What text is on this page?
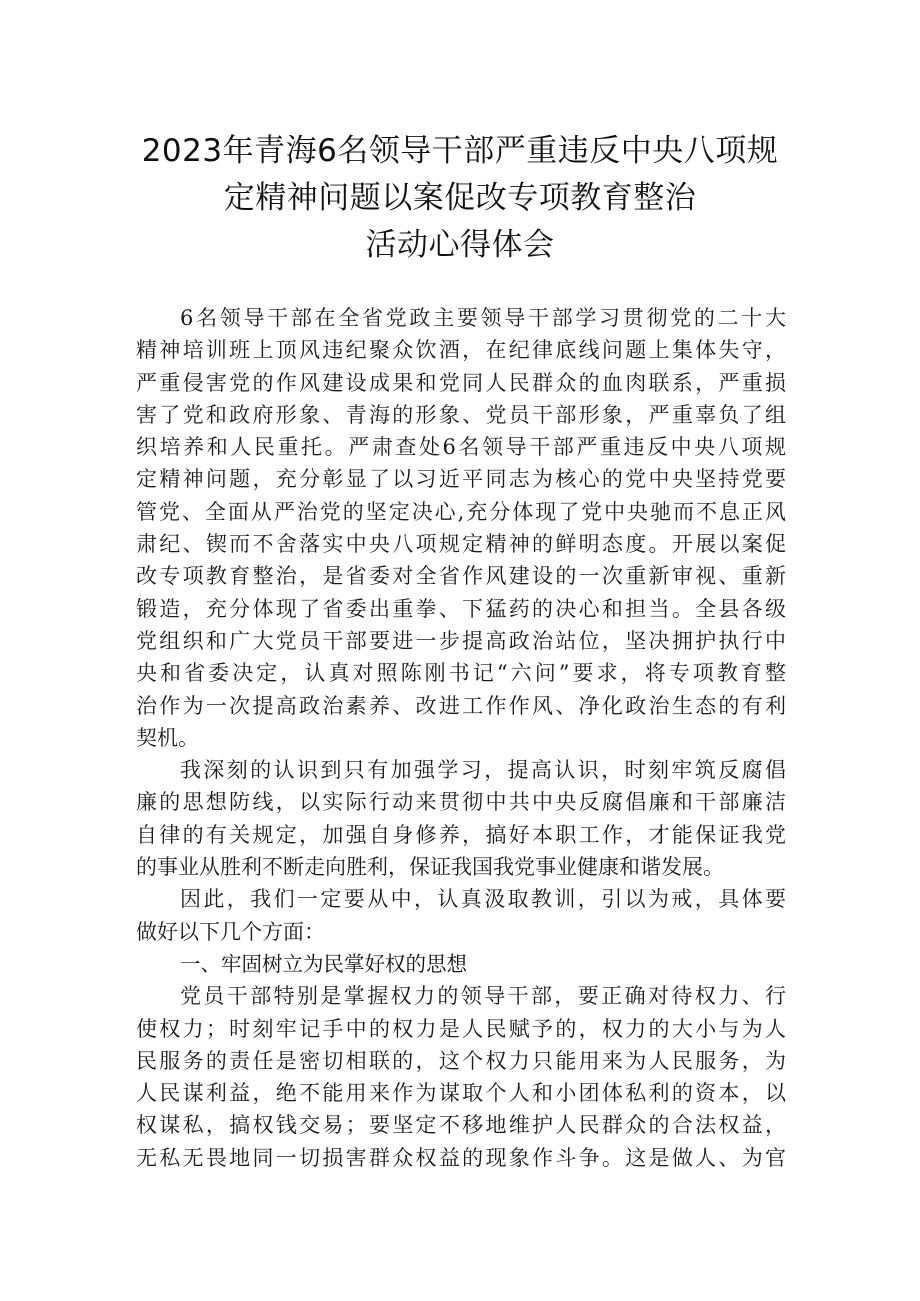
2023年青海6名领导干部严重违反中央八项规
定精神问题以案促改专项教育整治
活动心得体会
6名领导干部在全省党政主要领导干部学习贯彻党的二十大
精神培训班上顶风违纪聚众饮酒，在纪律底线问题上集体失守，
严重侵害党的作风建设成果和党同人民群众的血肉联系，严重损
害了党和政府形象、青海的形象、党员干部形象，严重辜负了组
织培养和人民重托。严肃查处6名领导干部严重违反中央八项规
定精神问题，充分彰显了以习近平同志为核心的党中央坚持党要
管党、全面从严治党的坚定决心,充分体现了党中央驰而不息正风
肃纪、锲而不舍落实中央八项规定精神的鲜明态度。开展以案促
改专项教育整治，是省委对全省作风建设的一次重新审视、重新
锻造，充分体现了省委出重拳、下猛药的决心和担当。全县各级
党组织和广大党员干部要进一步提高政治站位，坚决拥护执行中
央和省委决定，认真对照陈刚书记“六问”要求，将专项教育整
治作为一次提高政治素养、改进工作作风、净化政治生态的有利
契机。
我深刻的认识到只有加强学习，提高认识，时刻牢筑反腐倡
廉的思想防线，以实际行动来贯彻中共中央反腐倡廉和干部廉洁
自律的有关规定，加强自身修养，搞好本职工作，才能保证我党
的事业从胜利不断走向胜利，保证我国我党事业健康和谐发展。
因此，我们一定要从中，认真汲取教训，引以为戒，具体要
做好以下几个方面：
一、牢固树立为民掌好权的思想
党员干部特别是掌握权力的领导干部，要正确对待权力、行
使权力；时刻牢记手中的权力是人民赋予的，权力的大小与为人
民服务的责任是密切相联的，这个权力只能用来为人民服务，为
人民谋利益，绝不能用来作为谋取个人和小团体私利的资本，以
权谋私，搞权钱交易；要坚定不移地维护人民群众的合法权益，
无私无畏地同一切损害群众权益的现象作斗争。这是做人、为官
